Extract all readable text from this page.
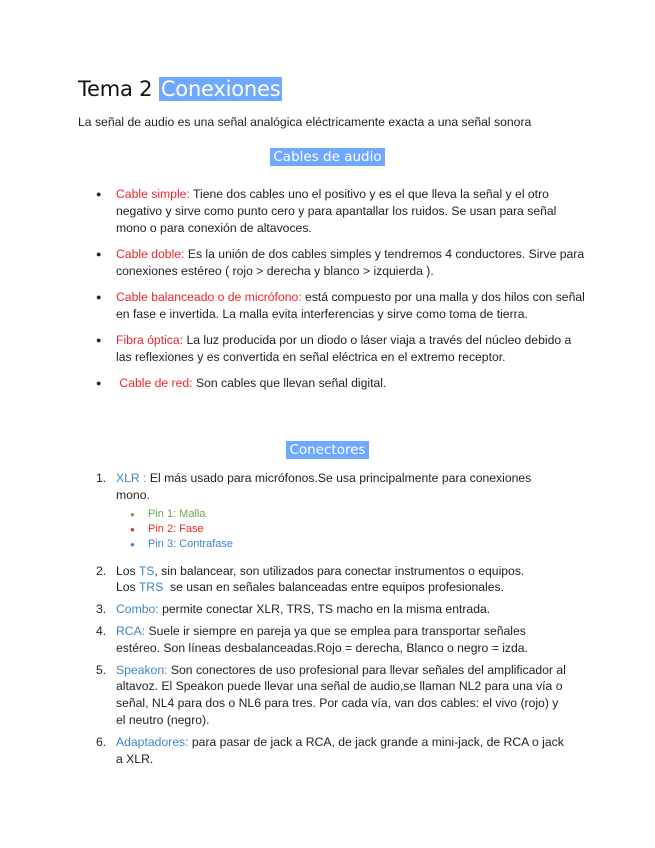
Tema 2 Conexiones

La señal de audio es una señal analógica eléctricamente exacta a una señal sonora

Cables de audio
● Cable simple: Tiene dos cables uno el positivo y es el que lleva la señal y el otro negativo y sirve como punto cero y para apantallar los ruidos. Se usan para señal mono o para conexión de altavoces.
● Cable doble: Es la unión de dos cables simples y tendremos 4 conductores. Sirve para conexiones estéreo ( rojo > derecha y blanco > izquierda ).
● Cable balanceado o de micrófono: está compuesto por una malla y dos hilos con señal en fase e invertida. La malla evita interferencias y sirve como toma de tierra.
● Fibra óptica: La luz producida por un diodo o láser viaja a través del núcleo debido a las reflexiones y es convertida en señal eléctrica en el extremo receptor.
●  Cable de red: Son cables que llevan señal digital.
Conectores
1. XLR : El más usado para micrófonos.Se usa principalmente para conexiones mono.
● Pin 1: Malla
● Pin 2: Fase
● Pin 3: Contrafase
2. Los TS, sin balancear, son utilizados para conectar instrumentos o equipos.
Los TRS  se usan en señales balanceadas entre equipos profesionales.
3. Combo: permite conectar XLR, TRS, TS macho en la misma entrada.
4. RCA: Suele ir siempre en pareja ya que se emplea para transportar señales estéreo. Son líneas desbalanceadas.Rojo = derecha, Blanco o negro = izda.
5. Speakon: Son conectores de uso profesional para llevar señales del amplificador al altavoz. El Speakon puede llevar una señal de audio,se llaman NL2 para una vía o señal, NL4 para dos o NL6 para tres. Por cada vía, van dos cables: el vivo (rojo) y el neutro (negro).
6. Adaptadores: para pasar de jack a RCA, de jack grande a mini-jack, de RCA o jack a XLR.
